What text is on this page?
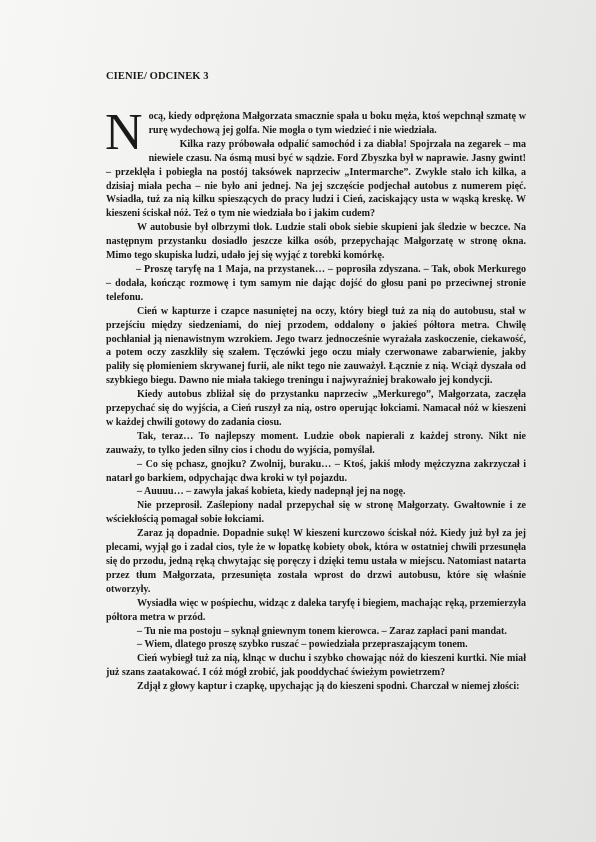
CIENIE/ ODCINEK 3

Nocą, kiedy odprężona Małgorzata smacznie spała u boku męża, ktoś wepchnął szmatę w rurę wydechową jej golfa. Nie mogła o tym wiedzieć i nie wiedziała.

Kilka razy próbowała odpalić samochód i za diabła! Spojrzała na zegarek – ma niewiele czasu. Na ósmą musi być w sądzie. Ford Zbyszka był w naprawie. Jasny gwint! – przeklęła i pobiegła na postój taksówek naprzeciw „Intermarche”. Zwykle stało ich kilka, a dzisiaj miała pecha – nie było ani jednej. Na jej szczęście podjechał autobus z numerem pięć. Wsiadła, tuż za nią kilku spieszących do pracy ludzi i Cień, zaciskający usta w wąską kreskę. W kieszeni ściskał nóż. Też o tym nie wiedziała bo i jakim cudem?

W autobusie był olbrzymi tłok. Ludzie stali obok siebie skupieni jak śledzie w beczce. Na następnym przystanku dosiadło jeszcze kilka osób, przepychając Małgorzatę w stronę okna. Mimo tego skupiska ludzi, udało jej się wyjąć z torebki komórkę.

– Proszę taryfę na 1 Maja, na przystanek… – poprosiła zdyszana. – Tak, obok Merkurego – dodała, kończąc rozmowę i tym samym nie dając dojść do głosu pani po przeciwnej stronie telefonu.

Cień w kapturze i czapce nasuniętej na oczy, który biegł tuż za nią do autobusu, stał w przejściu między siedzeniami, do niej przodem, oddalony o jakieś półtora metra. Chwilę pochłaniał ją nienawistnym wzrokiem. Jego twarz jednocześnie wyrażała zaskoczenie, ciekawość, a potem oczy zaszkliły się szałem. Tęczówki jego oczu miały czerwonawe zabarwienie, jakby paliły się płomieniem skrywanej furii, ale nikt tego nie zauważył. Łącznie z nią. Wciąż dyszała od szybkiego biegu. Dawno nie miała takiego treningu i najwyraźniej brakowało jej kondycji.

Kiedy autobus zbliżał się do przystanku naprzeciw „Merkurego”, Małgorzata, zaczęła przepychać się do wyjścia, a Cień ruszył za nią, ostro operując łokciami. Namacał nóż w kieszeni w każdej chwili gotowy do zadania ciosu.

Tak, teraz… To najlepszy moment. Ludzie obok napierali z każdej strony. Nikt nie zauważy, to tylko jeden silny cios i chodu do wyjścia, pomyślał.

– Co się pchasz, gnojku? Zwolnij, buraku… – Ktoś, jakiś młody mężczyzna zakrzyczał i natarł go barkiem, odpychając dwa kroki w tył pojazdu.

– Auuuu… – zawyła jakaś kobieta, kiedy nadepnął jej na nogę.

Nie przeprosił. Zaślepiony nadal przepychał się w stronę Małgorzaty. Gwałtownie i ze wściekłością pomagał sobie łokciami.

Zaraz ją dopadnie. Dopadnie sukę! W kieszeni kurczowo ściskał nóż. Kiedy już był za jej plecami, wyjął go i zadał cios, tyle że w łopatkę kobiety obok, która w ostatniej chwili przesunęła się do przodu, jedną ręką chwytając się poręczy i dzięki temu ustała w miejscu. Natomiast natarta przez tłum Małgorzata, przesunięta została wprost do drzwi autobusu, które się właśnie otworzyły.

Wysiadła więc w pośpiechu, widząc z daleka taryfę i biegiem, machając ręką, przemierzyła półtora metra w przód.

– Tu nie ma postoju – syknął gniewnym tonem kierowca. – Zaraz zapłaci pani mandat.

– Wiem, dlatego proszę szybko ruszać – powiedziała przepraszającym tonem.

Cień wybiegł tuż za nią, klnąc w duchu i szybko chowając nóż do kieszeni kurtki. Nie miał już szans zaatakować. I cóż mógł zrobić, jak pooddychać świeżym powietrzem?

Zdjął z głowy kaptur i czapkę, upychając ją do kieszeni spodni. Charczał w niemej złości:
